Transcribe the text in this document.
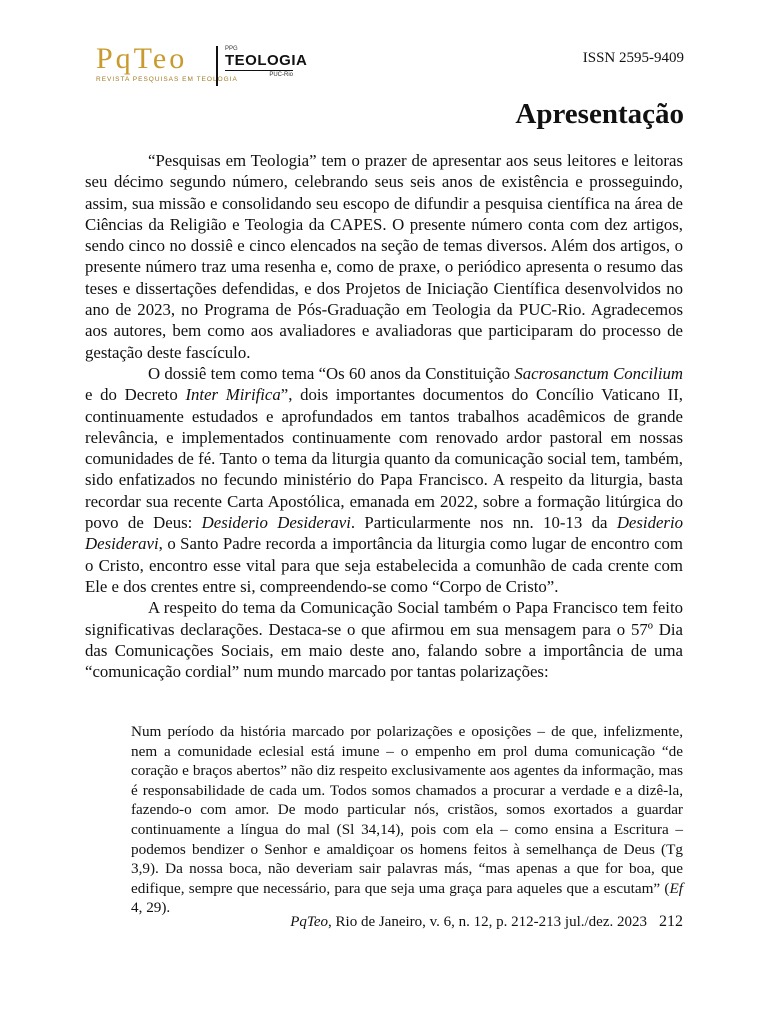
PqTeo
REVISTA PESQUISAS EM TEOLOGIA
PPG
TEOLOGIA
PUC-Rio
ISSN 2595-9409
Apresentação

“Pesquisas em Teologia” tem o prazer de apresentar aos seus leitores e leitoras seu décimo segundo número, celebrando seus seis anos de existência e prosseguindo, assim, sua missão e consolidando seu escopo de difundir a pesquisa científica na área de Ciências da Religião e Teologia da CAPES. O presente número conta com dez artigos, sendo cinco no dossiê e cinco elencados na seção de temas diversos. Além dos artigos, o presente número traz uma resenha e, como de praxe, o periódico apresenta o resumo das teses e dissertações defendidas, e dos Projetos de Iniciação Científica desenvolvidos no ano de 2023, no Programa de Pós-Graduação em Teologia da PUC-Rio. Agradecemos aos autores, bem como aos avaliadores e avaliadoras que participaram do processo de gestação deste fascículo.

O dossiê tem como tema “Os 60 anos da Constituição Sacrosanctum Concilium e do Decreto Inter Mirifica”, dois importantes documentos do Concílio Vaticano II, continuamente estudados e aprofundados em tantos trabalhos acadêmicos de grande relevância, e implementados continuamente com renovado ardor pastoral em nossas comunidades de fé. Tanto o tema da liturgia quanto da comunicação social tem, também, sido enfatizados no fecundo ministério do Papa Francisco. A respeito da liturgia, basta recordar sua recente Carta Apostólica, emanada em 2022, sobre a formação litúrgica do povo de Deus: Desiderio Desideravi. Particularmente nos nn. 10-13 da Desiderio Desideravi, o Santo Padre recorda a importância da liturgia como lugar de encontro com o Cristo, encontro esse vital para que seja estabelecida a comunhão de cada crente com Ele e dos crentes entre si, compreendendo-se como “Corpo de Cristo”.

A respeito do tema da Comunicação Social também o Papa Francisco tem feito significativas declarações. Destaca-se o que afirmou em sua mensagem para o 57º Dia das Comunicações Sociais, em maio deste ano, falando sobre a importância de uma “comunicação cordial” num mundo marcado por tantas polarizações:

Num período da história marcado por polarizações e oposições – de que, infelizmente, nem a comunidade eclesial está imune – o empenho em prol duma comunicação “de coração e braços abertos” não diz respeito exclusivamente aos agentes da informação, mas é responsabilidade de cada um. Todos somos chamados a procurar a verdade e a dizê-la, fazendo-o com amor. De modo particular nós, cristãos, somos exortados a guardar continuamente a língua do mal (Sl 34,14), pois com ela – como ensina a Escritura – podemos bendizer o Senhor e amaldiçoar os homens feitos à semelhança de Deus (Tg 3,9). Da nossa boca, não deveriam sair palavras más, “mas apenas a que for boa, que edifique, sempre que necessário, para que seja uma graça para aqueles que a escutam” (Ef 4, 29).
PqTeo, Rio de Janeiro, v. 6, n. 12, p. 212-213 jul./dez. 2023 212
